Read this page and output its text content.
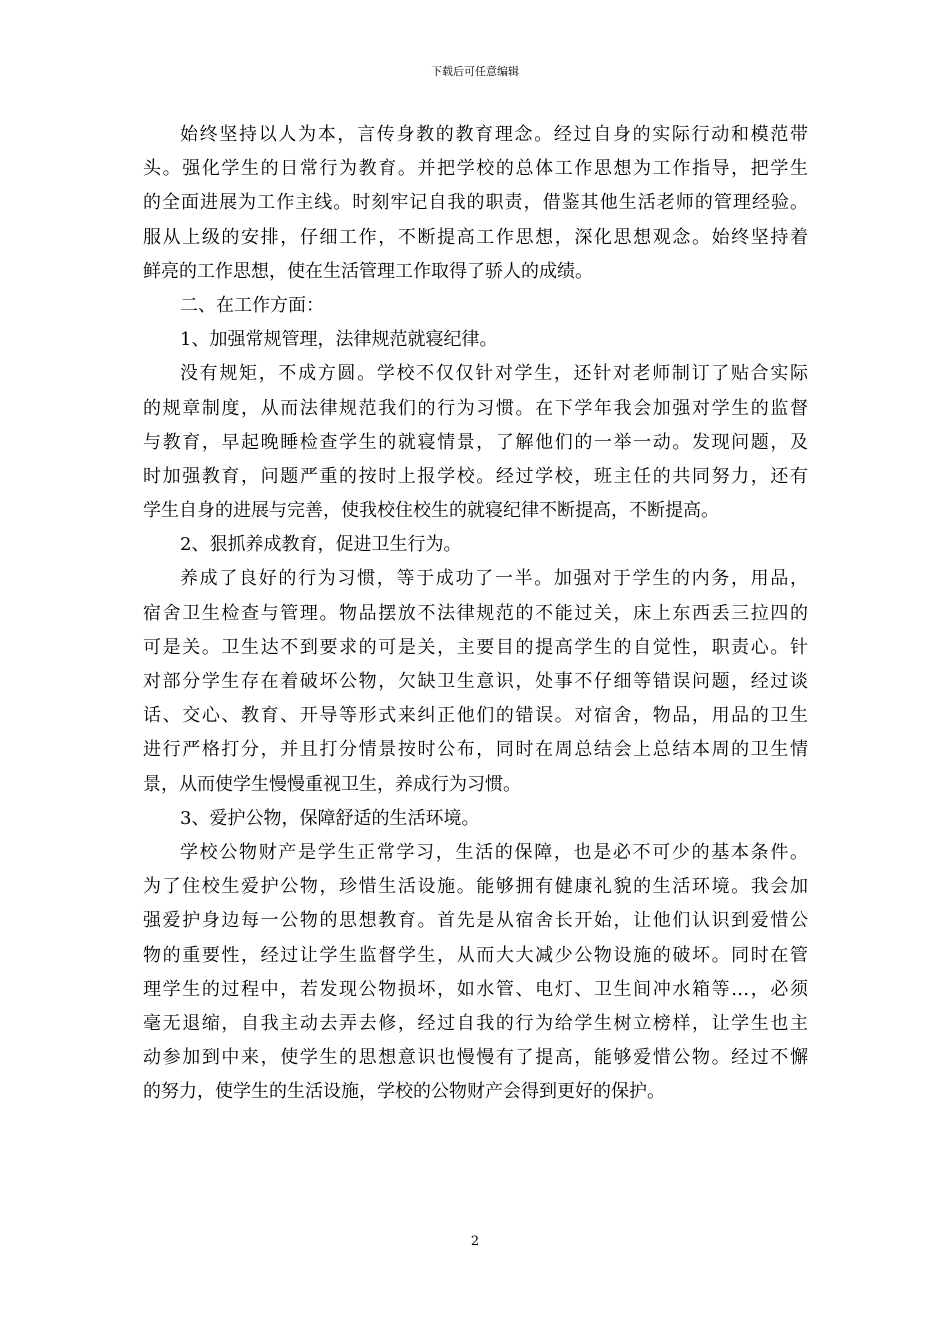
下载后可任意编辑
始终坚持以人为本，言传身教的教育理念。经过自身的实际行动和模范带
头。强化学生的日常行为教育。并把学校的总体工作思想为工作指导，把学生
的全面进展为工作主线。时刻牢记自我的职责，借鉴其他生活老师的管理经验。
服从上级的安排，仔细工作，不断提高工作思想，深化思想观念。始终坚持着
鲜亮的工作思想，使在生活管理工作取得了骄人的成绩。
二、在工作方面：
1、加强常规管理，法律规范就寝纪律。
没有规矩，不成方圆。学校不仅仅针对学生，还针对老师制订了贴合实际
的规章制度，从而法律规范我们的行为习惯。在下学年我会加强对学生的监督
与教育，早起晚睡检查学生的就寝情景，了解他们的一举一动。发现问题，及
时加强教育，问题严重的按时上报学校。经过学校，班主任的共同努力，还有
学生自身的进展与完善，使我校住校生的就寝纪律不断提高，不断提高。
2、狠抓养成教育，促进卫生行为。
养成了良好的行为习惯，等于成功了一半。加强对于学生的内务，用品，
宿舍卫生检查与管理。物品摆放不法律规范的不能过关，床上东西丢三拉四的
可是关。卫生达不到要求的可是关，主要目的提高学生的自觉性，职责心。针
对部分学生存在着破坏公物，欠缺卫生意识，处事不仔细等错误问题，经过谈
话、交心、教育、开导等形式来纠正他们的错误。对宿舍，物品，用品的卫生
进行严格打分，并且打分情景按时公布，同时在周总结会上总结本周的卫生情
景，从而使学生慢慢重视卫生，养成行为习惯。
3、爱护公物，保障舒适的生活环境。
学校公物财产是学生正常学习，生活的保障，也是必不可少的基本条件。
为了住校生爱护公物，珍惜生活设施。能够拥有健康礼貌的生活环境。我会加
强爱护身边每一公物的思想教育。首先是从宿舍长开始，让他们认识到爱惜公
物的重要性，经过让学生监督学生，从而大大减少公物设施的破坏。同时在管
理学生的过程中，若发现公物损坏，如水管、电灯、卫生间冲水箱等…，必须
毫无退缩，自我主动去弄去修，经过自我的行为给学生树立榜样，让学生也主
动参加到中来，使学生的思想意识也慢慢有了提高，能够爱惜公物。经过不懈
的努力，使学生的生活设施，学校的公物财产会得到更好的保护。
2
